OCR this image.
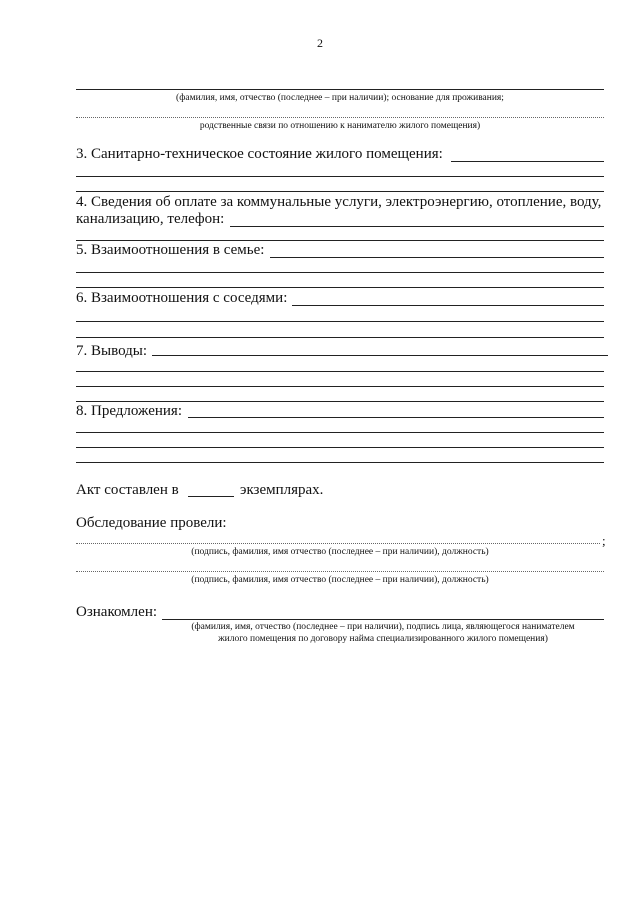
2
(фамилия, имя, отчество (последнее – при наличии); основание для проживания;
родственные связи по отношению к нанимателю жилого помещения)
3. Санитарно-техническое состояние жилого помещения:
4. Сведения об оплате за коммунальные услуги, электроэнергию, отопление, воду,
канализацию, телефон:
5. Взаимоотношения в семье:
6. Взаимоотношения с соседями:
7. Выводы:
8. Предложения:
Акт составлен в	экземплярах.
Обследование провели:
;
(подпись, фамилия, имя отчество (последнее – при наличии), должность)
(подпись, фамилия, имя отчество (последнее – при наличии), должность)
Ознакомлен:
(фамилия, имя, отчество (последнее – при наличии), подпись лица, являющегося нанимателем
жилого помещения по договору найма специализированного жилого помещения)
